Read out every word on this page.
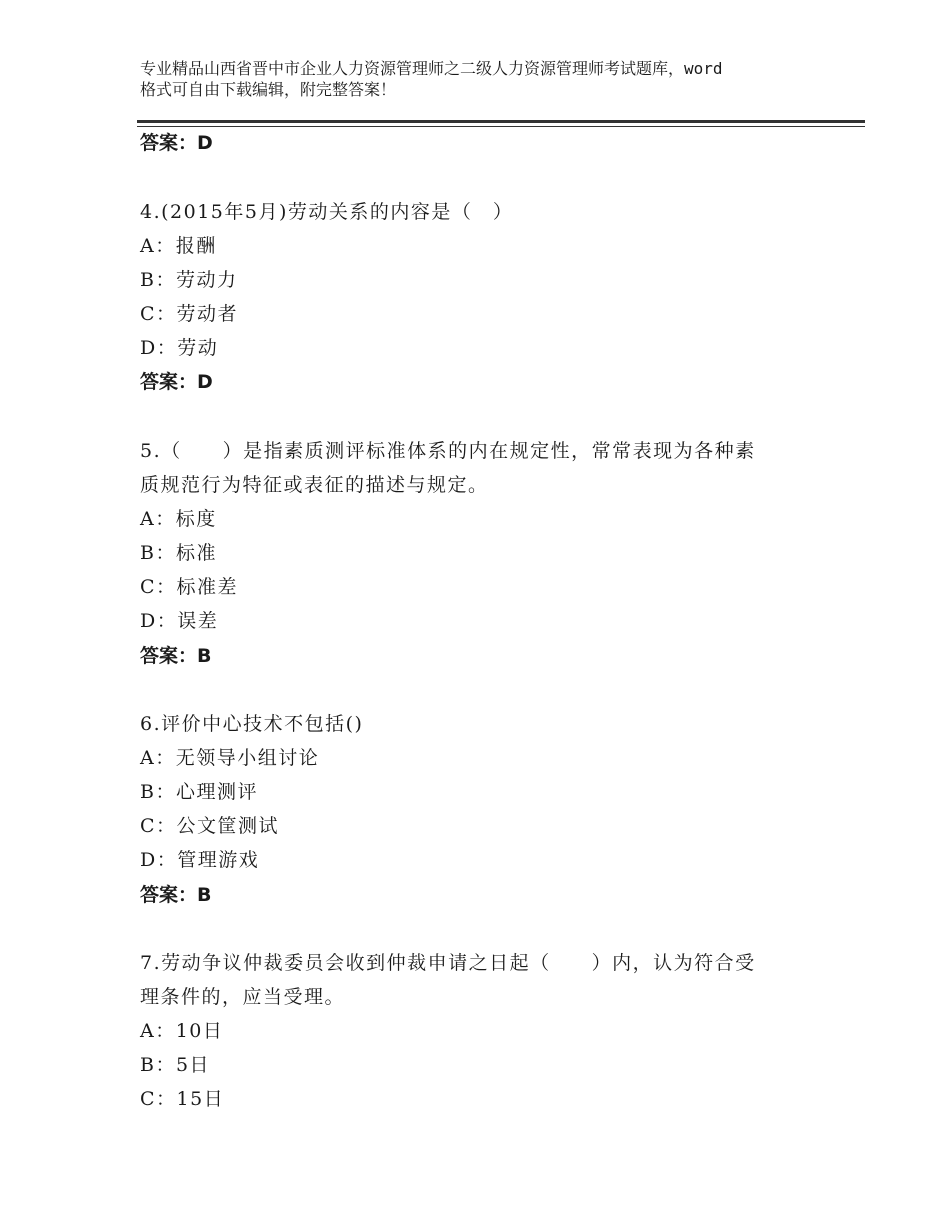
专业精品山西省晋中市企业人力资源管理师之二级人力资源管理师考试题库，word
格式可自由下载编辑，附完整答案！
答案：D
4.(2015年5月)劳动关系的内容是（　）
A：报酬
B：劳动力
C：劳动者
D：劳动
答案：D
5.（　　）是指素质测评标准体系的内在规定性，常常表现为各种素
质规范行为特征或表征的描述与规定。
A：标度
B：标准
C：标准差
D：误差
答案：B
6.评价中心技术不包括()
A：无领导小组讨论
B：心理测评
C：公文筐测试
D：管理游戏
答案：B
7.劳动争议仲裁委员会收到仲裁申请之日起（　　）内，认为符合受
理条件的，应当受理。
A：10日
B：5日
C：15日
